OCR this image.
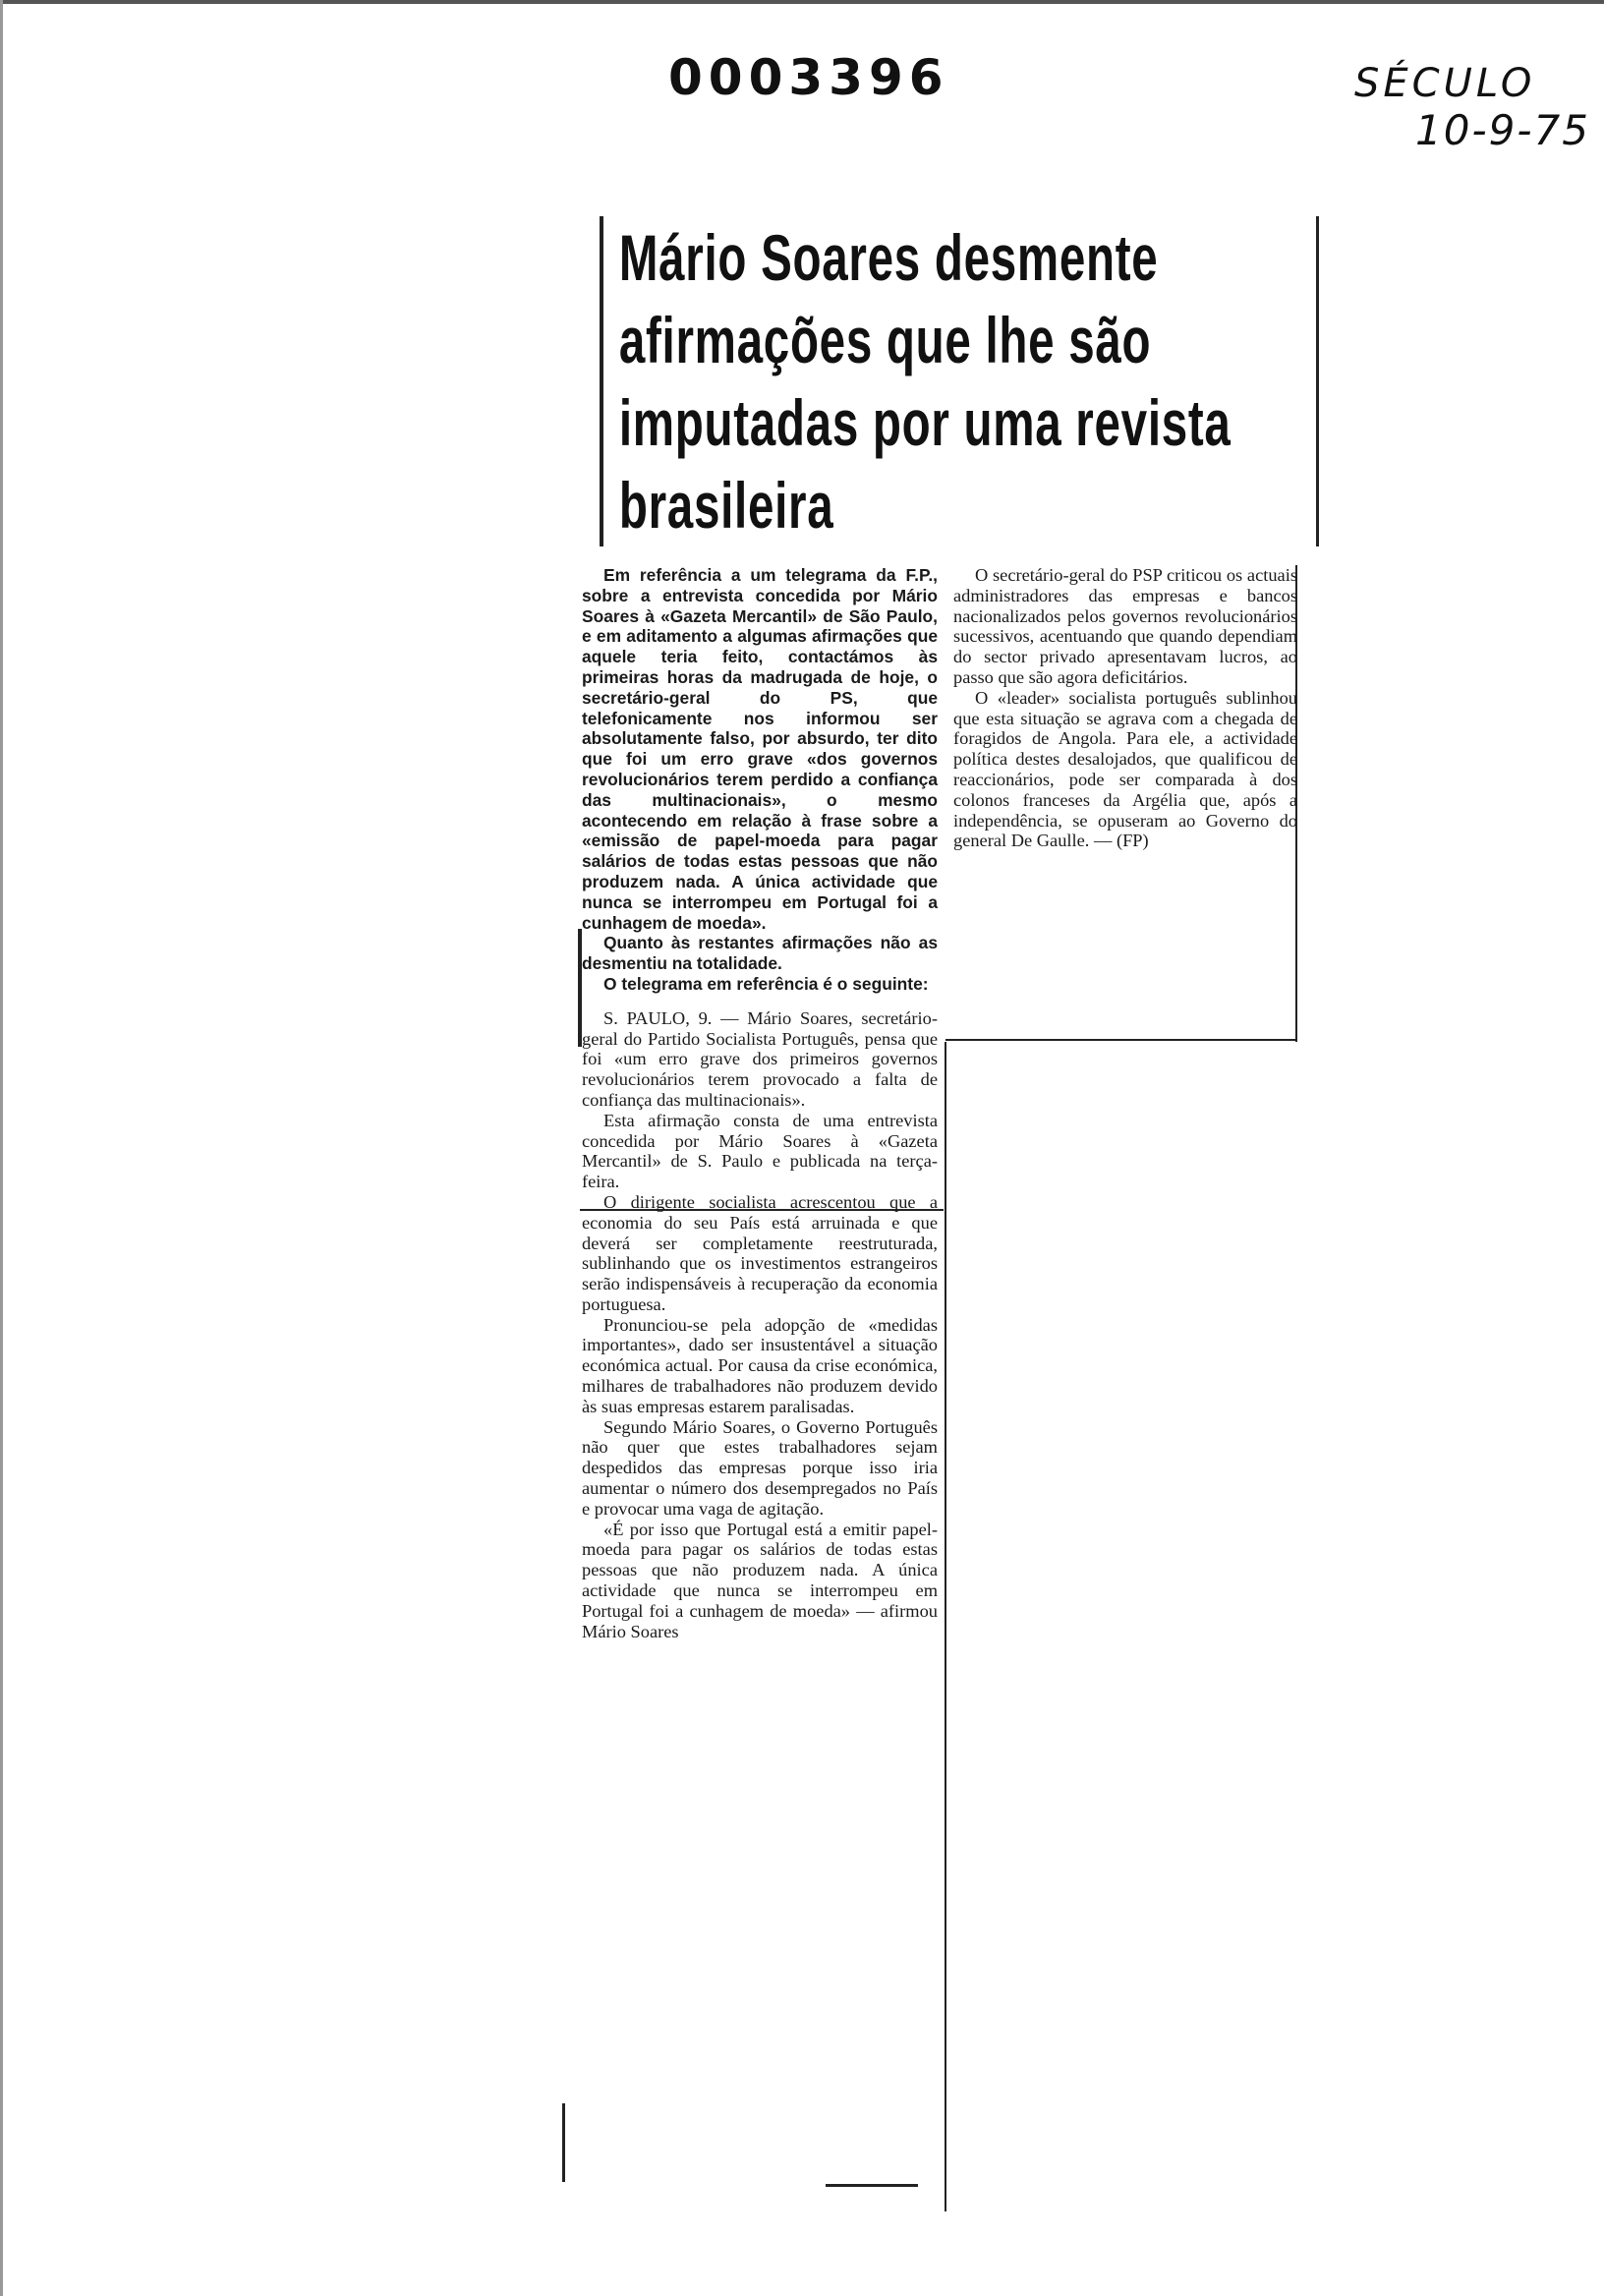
0003396	SÉCULO
10-9-75
Mário Soares desmente afirmações que lhe são imputadas por uma revista brasileira

Em referência a um telegrama da F.P., sobre a entrevista concedida por Mário Soares à «Gazeta Mercantil» de São Paulo, e em aditamento a algumas afirmações que aquele teria feito, contactámos às primeiras horas da madrugada de hoje, o secretário-geral do PS, que telefonicamente nos informou ser absolutamente falso, por absurdo, ter dito que foi um erro grave «dos governos revolucionários terem perdido a confiança das multinacionais», o mesmo acontecendo em relação à frase sobre a «emissão de papel-moeda para pagar salários de todas estas pessoas que não produzem nada. A única actividade que nunca se interrompeu em Portugal foi a cunhagem de moeda».

Quanto às restantes afirmações não as desmentiu na totalidade.

O telegrama em referência é o seguinte:

S. PAULO, 9. — Mário Soares, secretário-geral do Partido Socialista Português, pensa que foi «um erro grave dos primeiros governos revolucionários terem provocado a falta de confiança das multinacionais».

Esta afirmação consta de uma entrevista concedida por Mário Soares à «Gazeta Mercantil» de S. Paulo e publicada na terça-feira.

O dirigente socialista acrescentou que a economia do seu País está arruinada e que deverá ser completamente reestruturada, sublinhando que os investimentos estrangeiros serão indispensáveis à recuperação da economia portuguesa.

Pronunciou-se pela adopção de «medidas importantes», dado ser insustentável a situação económica actual. Por causa da crise económica, milhares de trabalhadores não produzem devido às suas empresas estarem paralisadas.

Segundo Mário Soares, o Governo Português não quer que estes trabalhadores sejam despedidos das empresas porque isso iria aumentar o número dos desempregados no País e provocar uma vaga de agitação.

«É por isso que Portugal está a emitir papel-moeda para pagar os salários de todas estas pessoas que não produzem nada. A única actividade que nunca se interrompeu em Portugal foi a cunhagem de moeda» — afirmou Mário Soares

O secretário-geral do PSP criticou os actuais administradores das empresas e bancos nacionalizados pelos governos revolucionários sucessivos, acentuando que quando dependiam do sector privado apresentavam lucros, ao passo que são agora deficitários.

O «leader» socialista português sublinhou que esta situação se agrava com a chegada de foragidos de Angola. Para ele, a actividade política destes desalojados, que qualificou de reaccionários, pode ser comparada à dos colonos franceses da Argélia que, após a independência, se opuseram ao Governo do general De Gaulle. — (FP)
